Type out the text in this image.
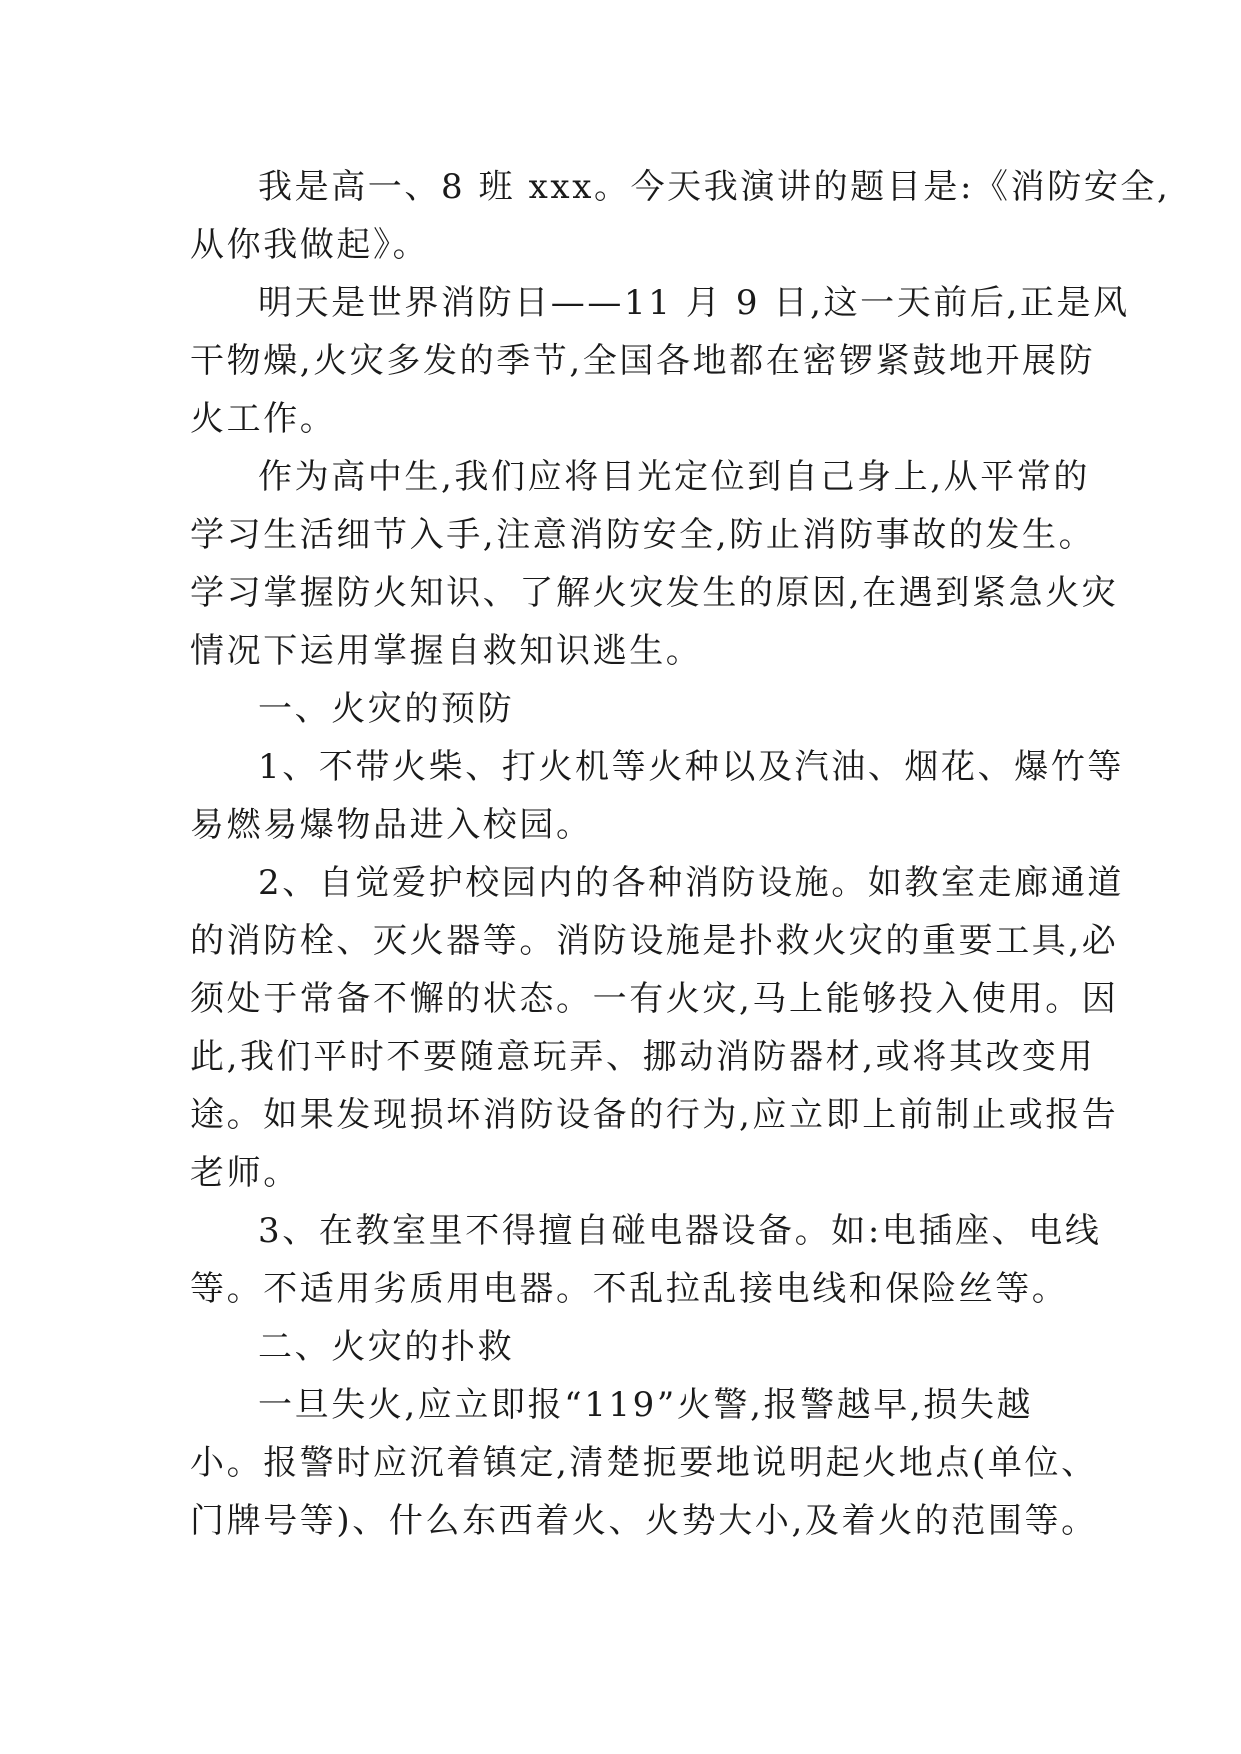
我是高一、8 班 xxx。今天我演讲的题目是:《消防安全,
从你我做起》。
明天是世界消防日——11 月 9 日,这一天前后,正是风
干物燥,火灾多发的季节,全国各地都在密锣紧鼓地开展防
火工作。
作为高中生,我们应将目光定位到自己身上,从平常的
学习生活细节入手,注意消防安全,防止消防事故的发生。
学习掌握防火知识、了解火灾发生的原因,在遇到紧急火灾
情况下运用掌握自救知识逃生。
一、火灾的预防
1、不带火柴、打火机等火种以及汽油、烟花、爆竹等
易燃易爆物品进入校园。
2、自觉爱护校园内的各种消防设施。如教室走廊通道
的消防栓、灭火器等。消防设施是扑救火灾的重要工具,必
须处于常备不懈的状态。一有火灾,马上能够投入使用。因
此,我们平时不要随意玩弄、挪动消防器材,或将其改变用
途。如果发现损坏消防设备的行为,应立即上前制止或报告
老师。
3、在教室里不得擅自碰电器设备。如:电插座、电线
等。不适用劣质用电器。不乱拉乱接电线和保险丝等。
二、火灾的扑救
一旦失火,应立即报“119”火警,报警越早,损失越
小。报警时应沉着镇定,清楚扼要地说明起火地点(单位、
门牌号等)、什么东西着火、火势大小,及着火的范围等。
